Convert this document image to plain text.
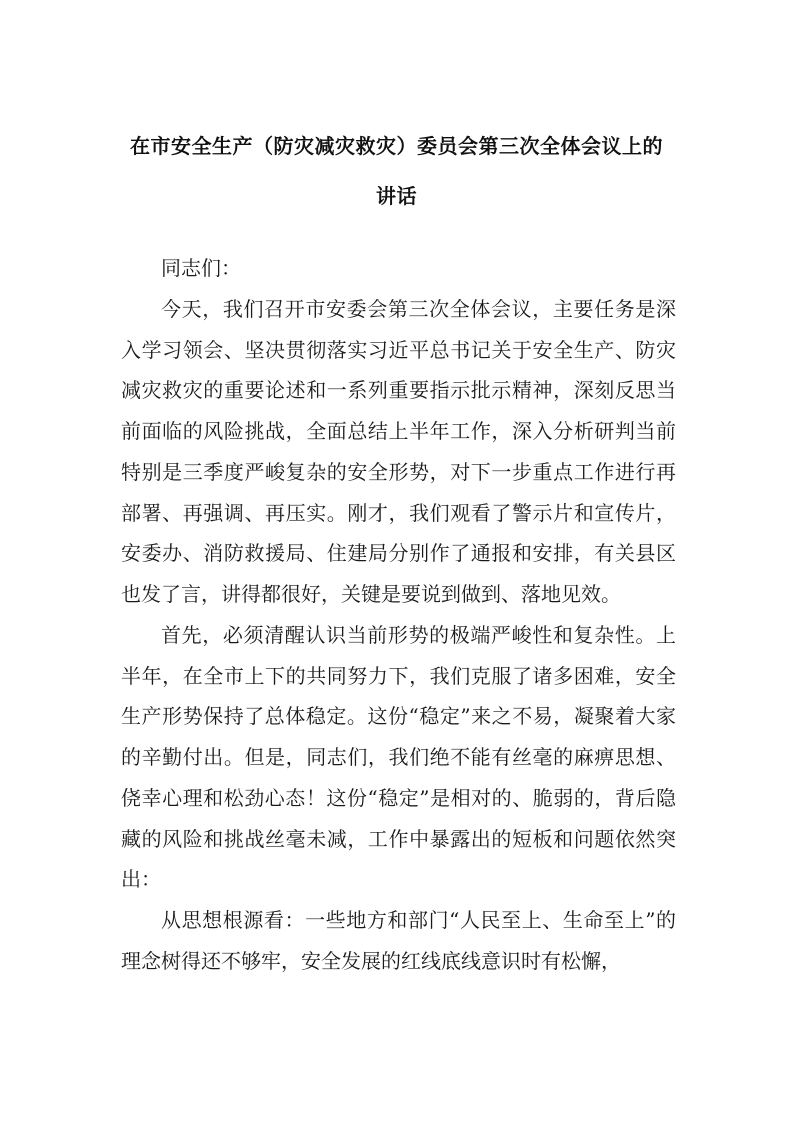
在市安全生产（防灾减灾救灾）委员会第三次全体会议上的
讲话

同志们：

今天，我们召开市安委会第三次全体会议，主要任务是深入学习领会、坚决贯彻落实习近平总书记关于安全生产、防灾减灾救灾的重要论述和一系列重要指示批示精神，深刻反思当前面临的风险挑战，全面总结上半年工作，深入分析研判当前特别是三季度严峻复杂的安全形势，对下一步重点工作进行再部署、再强调、再压实。刚才，我们观看了警示片和宣传片，安委办、消防救援局、住建局分别作了通报和安排，有关县区也发了言，讲得都很好，关键是要说到做到、落地见效。

首先，必须清醒认识当前形势的极端严峻性和复杂性。上半年，在全市上下的共同努力下，我们克服了诸多困难，安全生产形势保持了总体稳定。这份“稳定”来之不易，凝聚着大家的辛勤付出。但是，同志们，我们绝不能有丝毫的麻痹思想、侥幸心理和松劲心态！这份“稳定”是相对的、脆弱的，背后隐藏的风险和挑战丝毫未减，工作中暴露出的短板和问题依然突出：

从思想根源看：一些地方和部门“人民至上、生命至上”的理念树得还不够牢，安全发展的红线底线意识时有松懈，
